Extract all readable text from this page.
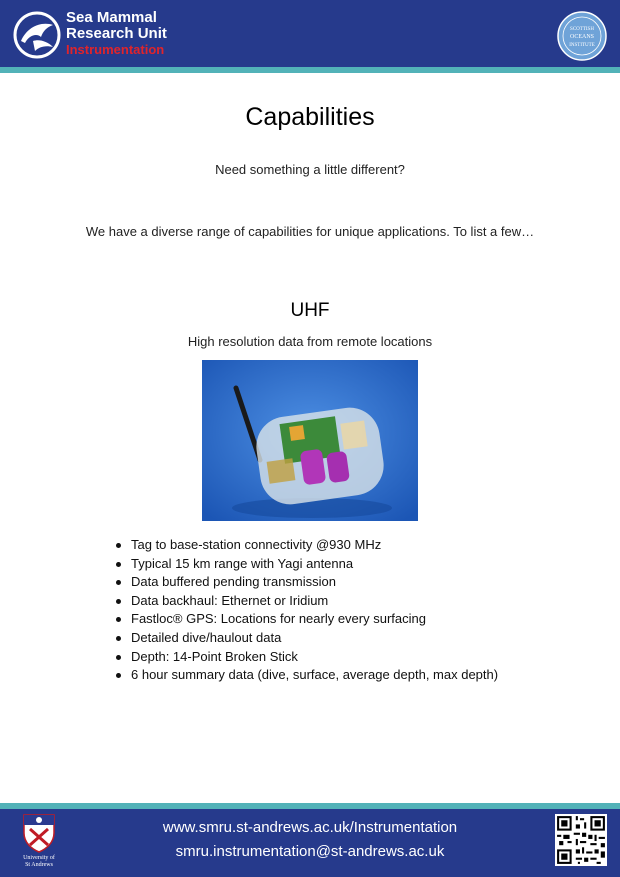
Sea Mammal
Research Unit
Instrumentation
SCOTTISH
OCEANS
INSTITUTE
Capabilities
Need something a little different?
We have a diverse range of capabilities for unique applications. To list a few…
UHF
High resolution data from remote locations
Tag to base-station connectivity @930 MHz
Typical 15 km range with Yagi antenna
Data buffered pending transmission
Data backhaul: Ethernet or Iridium
Fastloc® GPS: Locations for nearly every surfacing
Detailed dive/haulout data
Depth: 14-Point Broken Stick
6 hour summary data (dive, surface, average depth, max depth)
University of
St Andrews
www.smru.st-andrews.ac.uk/Instrumentation
smru.instrumentation@st-andrews.ac.uk
